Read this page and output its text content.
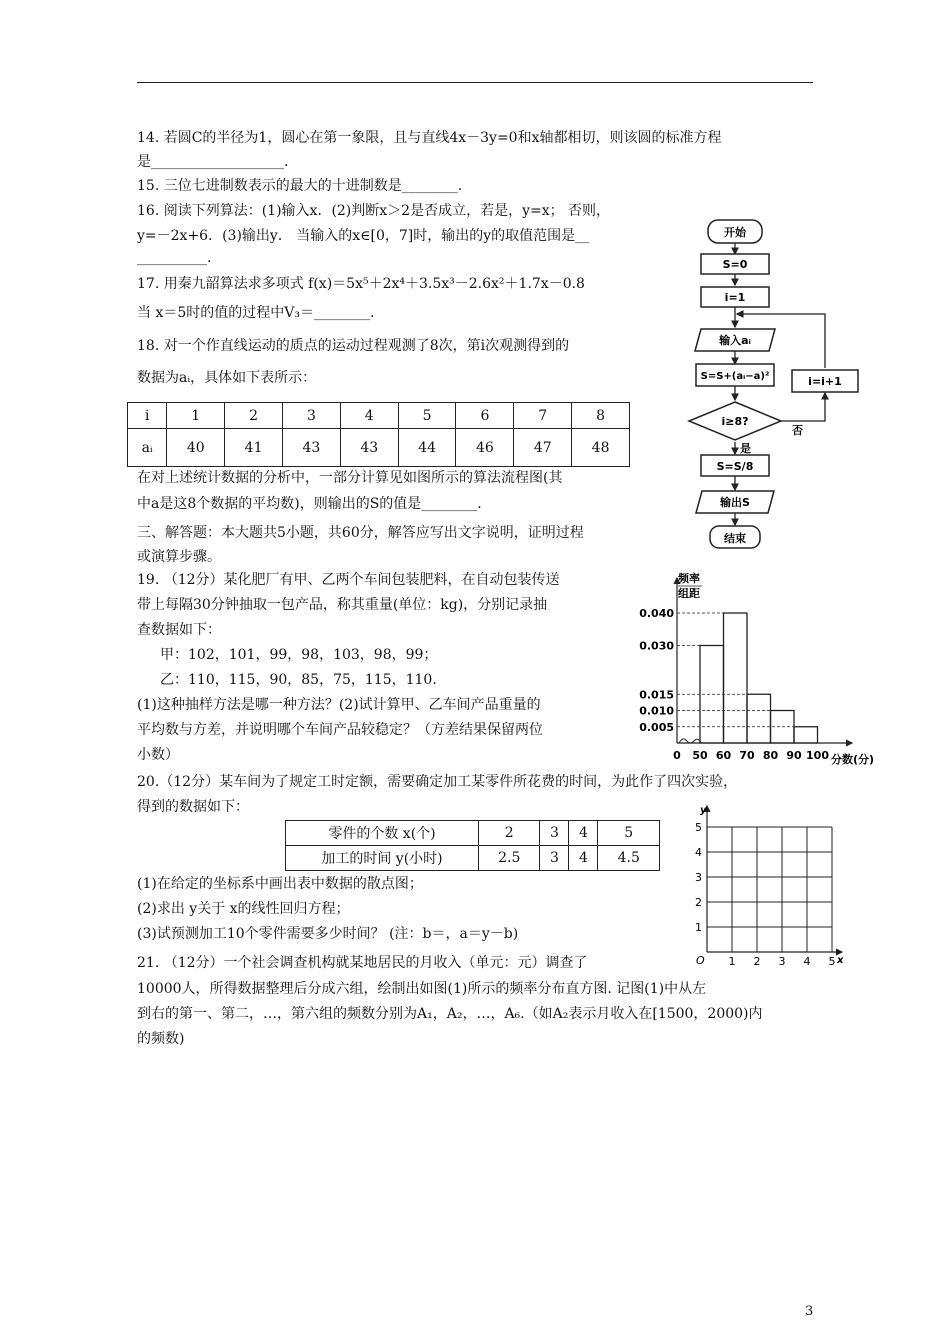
14. 若圆C的半径为1，圆心在第一象限，且与直线4x－3y=0和x轴都相切，则该圆的标准方程
是___________________.
15. 三位七进制数表示的最大的十进制数是________.
16. 阅读下列算法：(1)输入x．(2)判断x＞2是否成立，若是，y=x； 否则，
y=－2x+6．(3)输出y． 当输入的x∈[0，7]时，输出的y的取值范围是__
__________.
17. 用秦九韶算法求多项式 f(x)＝5x⁵＋2x⁴＋3.5x³－2.6x²＋1.7x－0.8
当 x＝5时的值的过程中V₃＝________.
18. 对一个作直线运动的质点的运动过程观测了8次，第i次观测得到的
数据为aᵢ，具体如下表所示：
i	1	2	3	4	5	6	7	8
aᵢ	40	41	43	43	44	46	47	48
在对上述统计数据的分析中，一部分计算见如图所示的算法流程图(其
中a是这8个数据的平均数)，则输出的S的值是________.
三、解答题：本大题共5小题，共60分，解答应写出文字说明，证明过程
或演算步骤。
19. （12分）某化肥厂有甲、乙两个车间包装肥料，在自动包装传送
带上每隔30分钟抽取一包产品，称其重量(单位：kg)，分别记录抽
查数据如下：
甲：102，101，99，98，103，98，99；
乙：110，115，90，85，75，115，110.
(1)这种抽样方法是哪一种方法？(2)试计算甲、乙车间产品重量的
平均数与方差，并说明哪个车间产品较稳定？（方差结果保留两位
小数）
20.（12分）某车间为了规定工时定额，需要确定加工某零件所花费的时间，为此作了四次实验，
得到的数据如下：
零件的个数 x(个)	2	3	4	5
加工的时间 y(小时)	2.5	3	4	4.5
(1)在给定的坐标系中画出表中数据的散点图；
(2)求出 y关于 x的线性回归方程；
(3)试预测加工10个零件需要多少时间？ (注：b＝，a＝y－b)
21. （12分）一个社会调查机构就某地居民的月收入（单元：元）调查了
10000人，所得数据整理后分成六组，绘制出如图(1)所示的频率分布直方图. 记图(1)中从左
到右的第一、第二，…，第六组的频数分别为A₁，A₂，…，A₆.（如A₂表示月收入在[1500，2000)内
的频数)
3
开始
S=0
i=1
输入aᵢ
S=S+(aᵢ−a)²
i≥8?
是
否
i=i+1
S=S/8
输出S
结束
频率
组距
分数(分)
0.005
0.010
0.015
0.030
0.040
0 50 60 70 80 90 100
1 2 3 4 5
1
2
3
4
5
y
x
O
